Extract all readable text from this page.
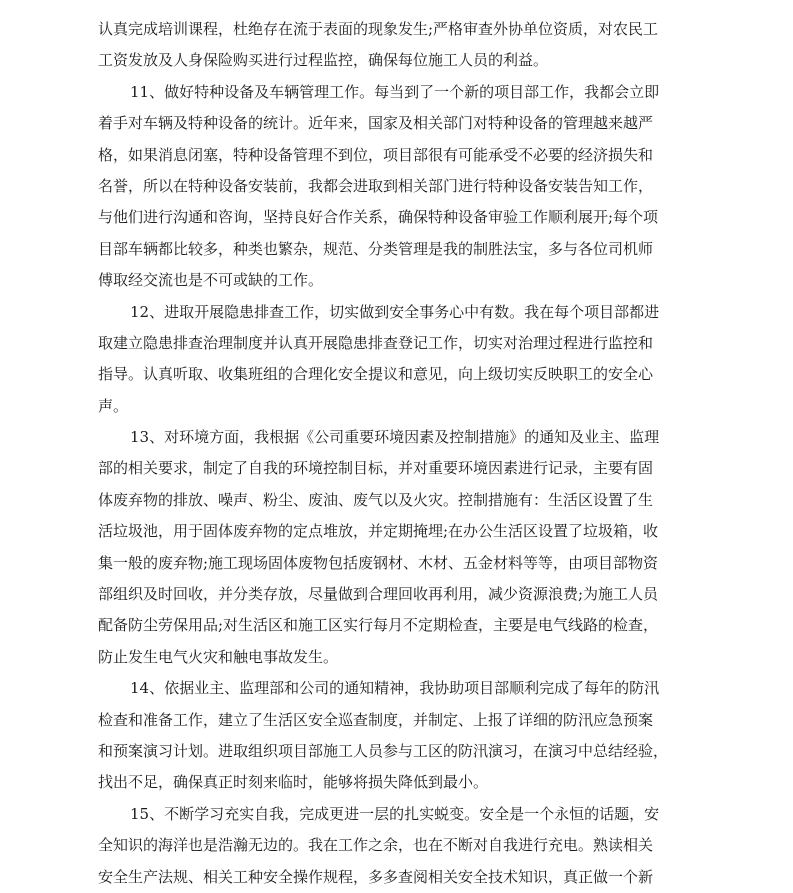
认真完成培训课程，杜绝存在流于表面的现象发生;严格审查外协单位资质，对农民工
工资发放及人身保险购买进行过程监控，确保每位施工人员的利益。
11、做好特种设备及车辆管理工作。每当到了一个新的项目部工作，我都会立即
着手对车辆及特种设备的统计。近年来，国家及相关部门对特种设备的管理越来越严
格，如果消息闭塞，特种设备管理不到位，项目部很有可能承受不必要的经济损失和
名誉，所以在特种设备安装前，我都会进取到相关部门进行特种设备安装告知工作，
与他们进行沟通和咨询，坚持良好合作关系，确保特种设备审验工作顺利展开;每个项
目部车辆都比较多，种类也繁杂，规范、分类管理是我的制胜法宝，多与各位司机师
傅取经交流也是不可或缺的工作。
12、进取开展隐患排查工作，切实做到安全事务心中有数。我在每个项目部都进
取建立隐患排查治理制度并认真开展隐患排查登记工作，切实对治理过程进行监控和
指导。认真听取、收集班组的合理化安全提议和意见，向上级切实反映职工的安全心
声。
13、对环境方面，我根据《公司重要环境因素及控制措施》的通知及业主、监理
部的相关要求，制定了自我的环境控制目标，并对重要环境因素进行记录，主要有固
体废弃物的排放、噪声、粉尘、废油、废气以及火灾。控制措施有：生活区设置了生
活垃圾池，用于固体废弃物的定点堆放，并定期掩埋;在办公生活区设置了垃圾箱，收
集一般的废弃物;施工现场固体废物包括废钢材、木材、五金材料等等，由项目部物资
部组织及时回收，并分类存放，尽量做到合理回收再利用，减少资源浪费;为施工人员
配备防尘劳保用品;对生活区和施工区实行每月不定期检查，主要是电气线路的检查，
防止发生电气火灾和触电事故发生。
14、依据业主、监理部和公司的通知精神，我协助项目部顺利完成了每年的防汛
检查和准备工作，建立了生活区安全巡查制度，并制定、上报了详细的防汛应急预案
和预案演习计划。进取组织项目部施工人员参与工区的防汛演习，在演习中总结经验，
找出不足，确保真正时刻来临时，能够将损失降低到最小。
15、不断学习充实自我，完成更进一层的扎实蜕变。安全是一个永恒的话题，安
全知识的海洋也是浩瀚无边的。我在工作之余，也在不断对自我进行充电。熟读相关
安全生产法规、相关工种安全操作规程，多多查阅相关安全技术知识，真正做一个新
